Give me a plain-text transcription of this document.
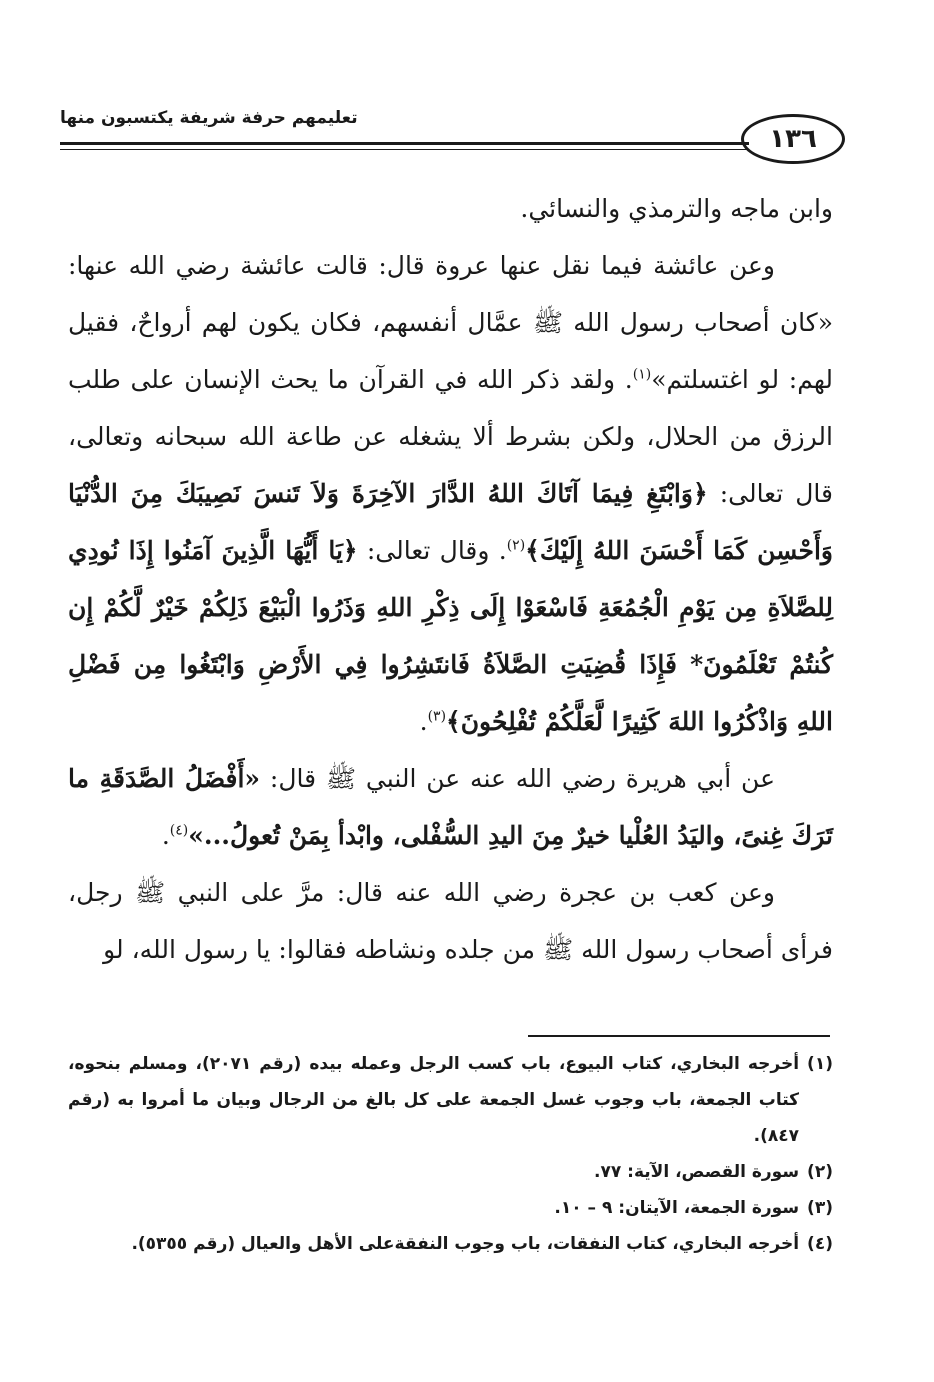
١٣٦
تعليمهم حرفة شريفة يكتسبون منها

وابن ماجه والترمذي والنسائي.

وعن عائشة فيما نقل عنها عروة قال: قالت عائشة رضي الله عنها: «كان أصحاب رسول الله ﷺ عمَّال أنفسهم، فكان يكون لهم أرواحٌ، فقيل لهم: لو اغتسلتم»$^{(١)}$. ولقد ذكر الله في القرآن ما يحث الإنسان على طلب الرزق من الحلال، ولكن بشرط ألا يشغله عن طاعة الله سبحانه وتعالى، قال تعالى: ﴿وَابْتَغِ فِيمَا آتَاكَ اللهُ الدَّارَ الآخِرَةَ وَلاَ تَنسَ نَصِيبَكَ مِنَ الدُّنْيَا وَأَحْسِن كَمَا أَحْسَنَ اللهُ إِلَيْكَ﴾$^{(٢)}$. وقال تعالى: ﴿يَا أَيُّهَا الَّذِينَ آمَنُوا إِذَا نُودِي لِلصَّلاَةِ مِن يَوْمِ الْجُمُعَةِ فَاسْعَوْا إِلَى ذِكْرِ اللهِ وَذَرُوا الْبَيْعَ ذَلِكُمْ خَيْرٌ لَّكُمْ إِن كُنتُمْ تَعْلَمُونَ* فَإِذَا قُضِيَتِ الصَّلاَةُ فَانتَشِرُوا فِي الأَرْضِ وَابْتَغُوا مِن فَضْلِ اللهِ وَاذْكُرُوا اللهَ كَثِيرًا لَّعَلَّكُمْ تُفْلِحُونَ﴾$^{(٣)}$.

عن أبي هريرة رضي الله عنه عن النبي ﷺ قال: «أَفْضَلُ الصَّدَقَةِ ما تَرَكَ غِنىً، واليَدُ العُلْيا خيرٌ مِنَ اليدِ السُّفْلى، وابْدأ بِمَنْ تُعولُ...»$^{(٤)}$.

وعن كعب بن عجرة رضي الله عنه قال: مرَّ على النبي ﷺ رجل، فرأى أصحاب رسول الله ﷺ من جلده ونشاطه فقالوا: يا رسول الله، لو

(١)
أخرجه البخاري، كتاب البيوع، باب كسب الرجل وعمله بيده (رقم ٢٠٧١)، ومسلم بنحوه، كتاب الجمعة، باب وجوب غسل الجمعة على كل بالغ من الرجال وبيان ما أمروا به (رقم ٨٤٧).
(٢)
سورة القصص، الآية: ٧٧.
(٣)
سورة الجمعة، الآيتان: ٩ – ١٠.
(٤)
أخرجه البخاري، كتاب النفقات، باب وجوب النفقةعلى الأهل والعيال (رقم ٥٣٥٥).
